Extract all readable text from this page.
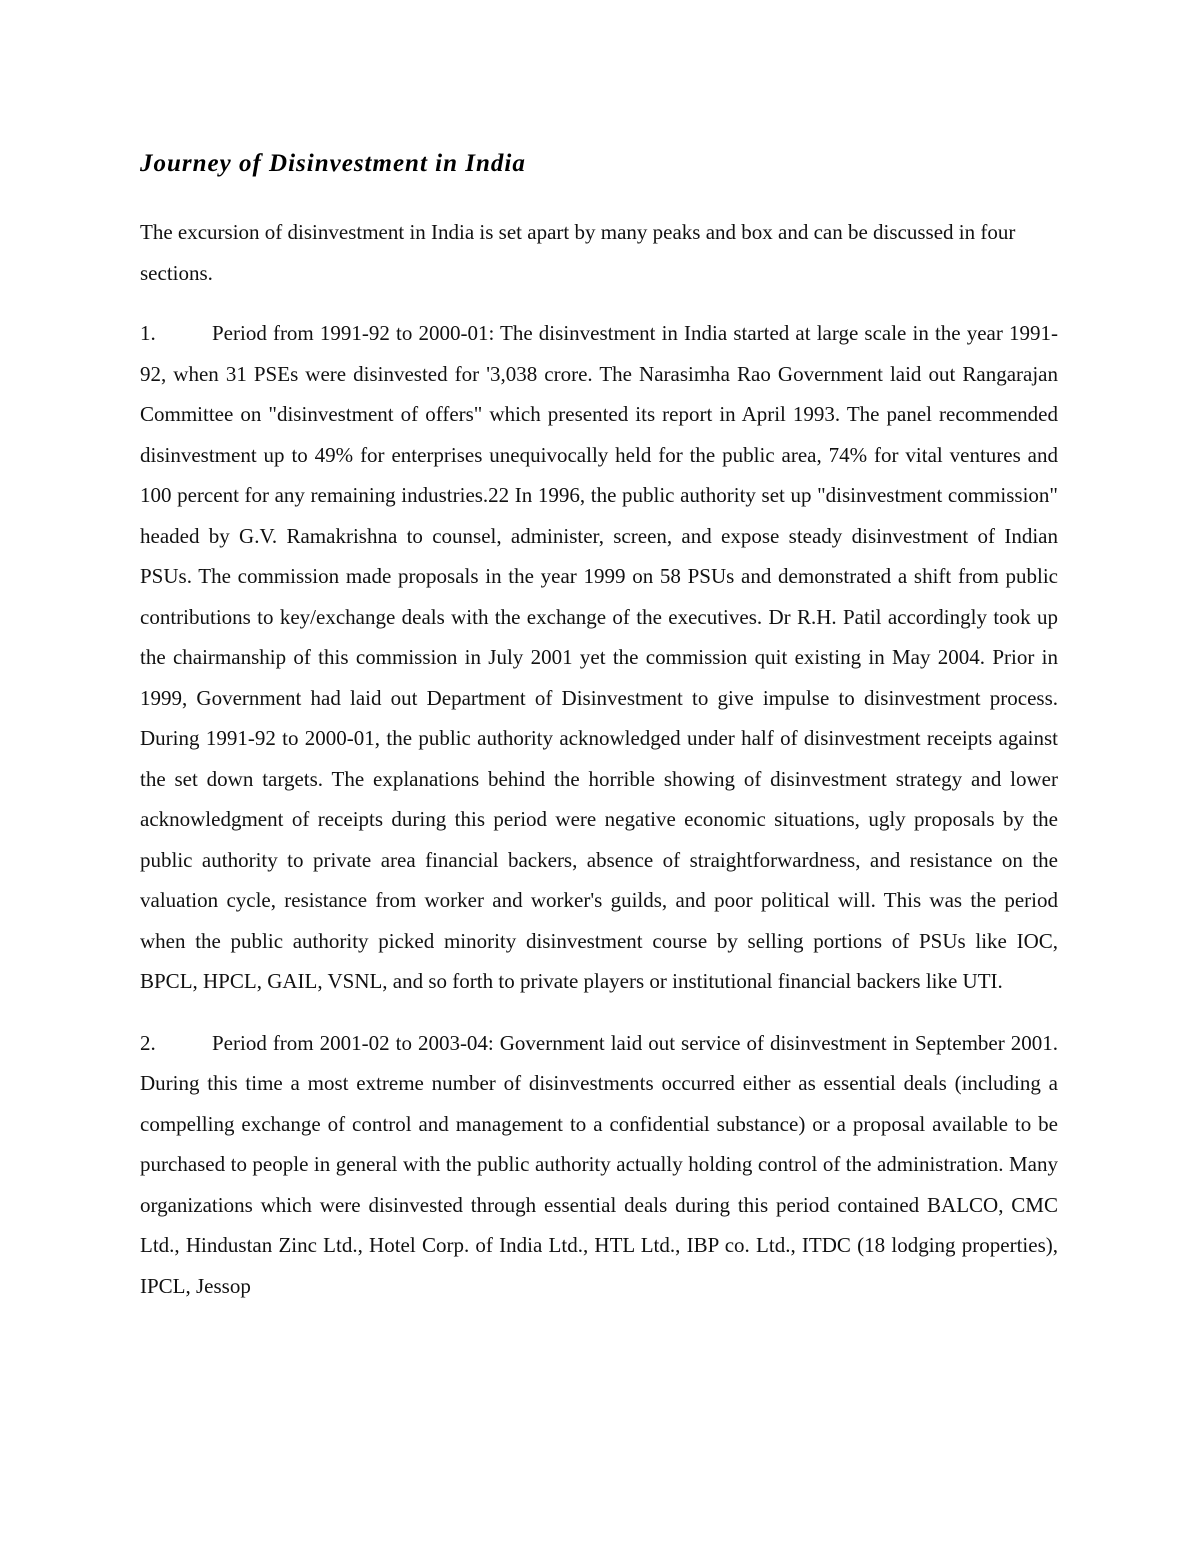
Journey of Disinvestment in India

The excursion of disinvestment in India is set apart by many peaks and box and can be discussed in four sections.

1.	Period from 1991-92 to 2000-01: The disinvestment in India started at large scale in the year 1991-92, when 31 PSEs were disinvested for '3,038 crore. The Narasimha Rao Government laid out Rangarajan Committee on "disinvestment of offers" which presented its report in April 1993. The panel recommended disinvestment up to 49% for enterprises unequivocally held for the public area, 74% for vital ventures and 100 percent for any remaining industries.22 In 1996, the public authority set up "disinvestment commission" headed by G.V. Ramakrishna to counsel, administer, screen, and expose steady disinvestment of Indian PSUs. The commission made proposals in the year 1999 on 58 PSUs and demonstrated a shift from public contributions to key/exchange deals with the exchange of the executives. Dr R.H. Patil accordingly took up the chairmanship of this commission in July 2001 yet the commission quit existing in May 2004. Prior in 1999, Government had laid out Department of Disinvestment to give impulse to disinvestment process. During 1991-92 to 2000-01, the public authority acknowledged under half of disinvestment receipts against the set down targets. The explanations behind the horrible showing of disinvestment strategy and lower acknowledgment of receipts during this period were negative economic situations, ugly proposals by the public authority to private area financial backers, absence of straightforwardness, and resistance on the valuation cycle, resistance from worker and worker's guilds, and poor political will. This was the period when the public authority picked minority disinvestment course by selling portions of PSUs like IOC, BPCL, HPCL, GAIL, VSNL, and so forth to private players or institutional financial backers like UTI.

2.	Period from 2001-02 to 2003-04: Government laid out service of disinvestment in September 2001. During this time a most extreme number of disinvestments occurred either as essential deals (including a compelling exchange of control and management to a confidential substance) or a proposal available to be purchased to people in general with the public authority actually holding control of the administration. Many organizations which were disinvested through essential deals during this period contained BALCO, CMC Ltd., Hindustan Zinc Ltd., Hotel Corp. of India Ltd., HTL Ltd., IBP co. Ltd., ITDC (18 lodging properties), IPCL, Jessop
